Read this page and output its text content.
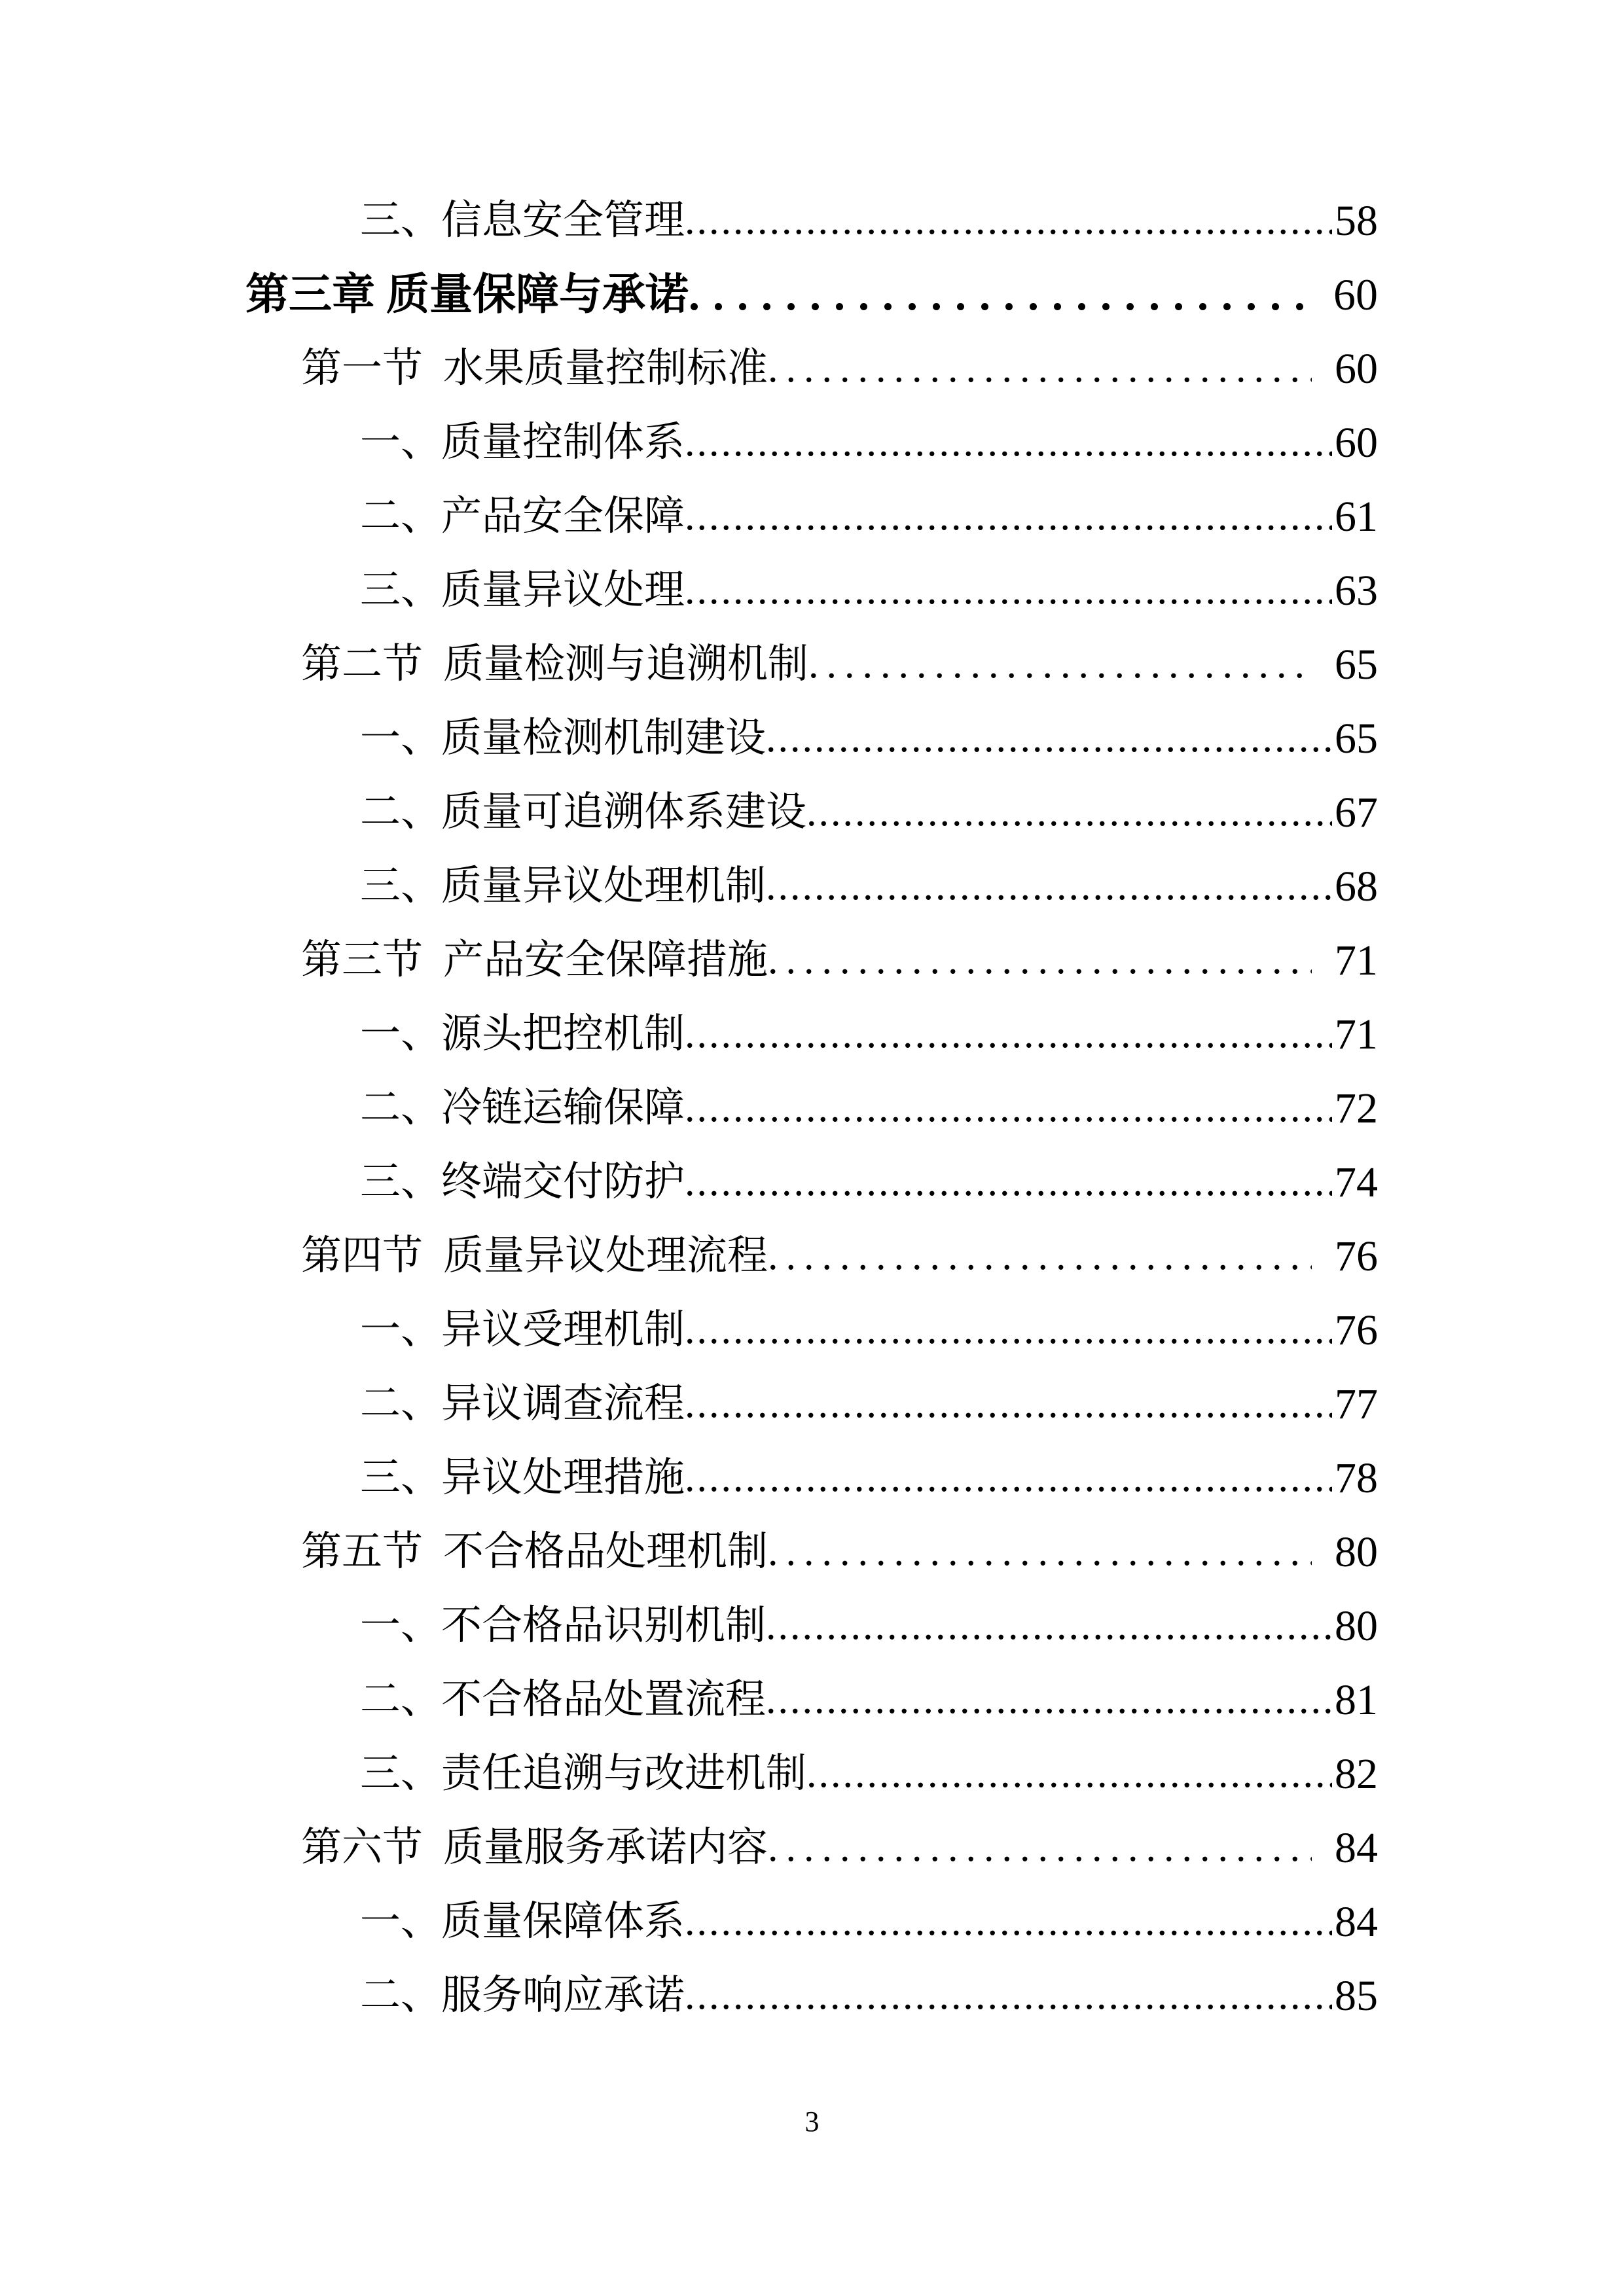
三、 信息安全管理 .....	58
第三章 质量保障与承诺 .....	60
第一节 水果质量控制标准 .....	60
一、 质量控制体系 .....	60
二、 产品安全保障 .....	61
三、 质量异议处理 .....	63
第二节 质量检测与追溯机制 .....	65
一、 质量检测机制建设 .....	65
二、 质量可追溯体系建设 .....	67
三、 质量异议处理机制 .....	68
第三节 产品安全保障措施 .....	71
一、 源头把控机制 .....	71
二、 冷链运输保障 .....	72
三、 终端交付防护 .....	74
第四节 质量异议处理流程 .....	76
一、 异议受理机制 .....	76
二、 异议调查流程 .....	77
三、 异议处理措施 .....	78
第五节 不合格品处理机制 .....	80
一、 不合格品识别机制 .....	80
二、 不合格品处置流程 .....	81
三、 责任追溯与改进机制 .....	82
第六节 质量服务承诺内容 .....	84
一、 质量保障体系 .....	84
二、 服务响应承诺 .....	85
3
